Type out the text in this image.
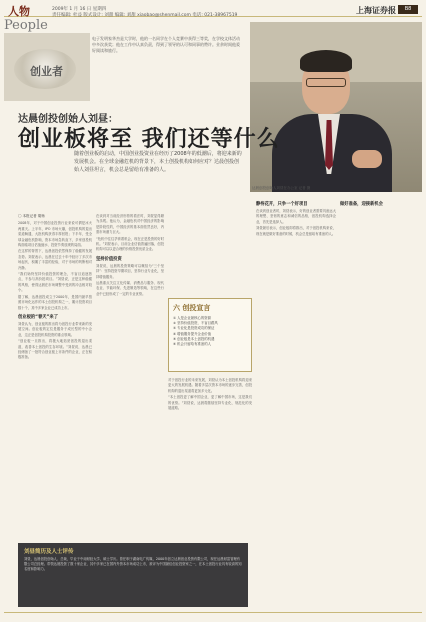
人物	2009年 1 月 16 日 星期四
责任编辑: 杜益 版式设计: 刘甜 编辑: 刘甜 xiaobao@shenmail.com 电话: 021-38967519
上海证券报	B8
People
创业者
电子发明家华杰是大学时，他的一名同学在个人竞赛中获得三等奖，在学校文体活动中多次获奖；他在工作中认真负责，得到了领导的认可和同事的赞许。业余时间他爱好阅读和旅行。
达晨创投创始人刘昼在办公室 记者 摄
达晨创投创始人刘昼：
创业板将至 我们还等什么
随着创业板的启动，中国创业投资业在经历了2008年的低潮后，将迎来新的发展机会。在全球金融危机的背景下，本土创投机构如何应对？达晨创投创始人刘昼坦言，机会总是留给有准备的人。
〇 本报记者 胡杨

2008年，对于中国创业投资行业来说可谓是冰火两重天。上半年，IPO 市场火爆，创投机构的退出渠道畅通，大批机构获得丰厚回报；下半年，受全球金融危机影响，资本市场急转直下，多家创投机构面临项目估值缩水、投资节奏放缓的局面。

在这样的背景下，达晨创投依然保持了稳健的发展态势。刘昼表示，达晨在过去十年中经历了多次市场起伏，积累了丰富的经验，对于市场的判断相对冷静。

“我们始终坚持价值投资的理念，不盲目追逐热点，不参与高价抢项目。”刘昼说，正是这种稳健的风格，使得达晨在市场调整中受到的冲击相对较小。

据了解，达晨创投成立于2000年，是国内最早按照市场化运作的本土创投机构之一，累计投资项目数十个，其中多家企业已成功上市。

创业板的“春天”来了

刘昼认为，创业板的推出将为创投行业带来新的发展空间。创业板的定位是服务于成长型的中小企业，这正是创投机构投资的重点领域。

“创业板一旦推出，将极大地拓宽创投的退出渠道，改善本土创投的生存环境。”刘昼说，达晨已经储备了一批符合创业板上市条件的企业，正在积极准备。

在谈到对当前经济形势的看法时，刘昼显得颇为乐观。他认为，金融危机对中国经济的影响是阶段性的，中国经济的基本面依然良好，内需市场潜力巨大。

“危机中往往孕育着机会，现在正是投资的好时机。”刘昼表示，目前企业估值普遍回落，创投机构可以以更合理的价格投资优质企业。

坚持价值投资

刘昼说，达晨的投资策略可以概括为“三个坚持”：坚持投资早期项目，坚持行业专业化，坚持增值服务。

达晨重点关注文化传媒、消费品与服务、现代农业、节能环保、先进制造等领域，在这些行业中已经形成了一定的专业优势。

六 创投宣言
① 人是企业最核心的资源
② 坚持价值投资，不盲目跟风
③ 专业化是投资成功的保证
④ 增值服务提升企业价值
⑤ 创业板是本土创投的机遇
⑥ 机会只留给有准备的人

对于创投行业的未来发展，刘昼认为本土创投机构将迎来更大的发展机遇。随着多层次资本市场的逐步完善，创投机构的退出渠道将更加多元化。

“本土创投更了解中国企业，更了解中国市场，这是我们的优势。”刘昼说，达晨将继续坚持专业化、规范化的发展道路。

静待花开，只争一个好项目

在谈到创业者时，刘昼表示，好的创业者需要具备远大的理想、坚韧的意志和诚信的品格，创投机构选择企业，首先是选择人。

刘昼最后表示，创业板即将推出，对于创投机构来说，现在就是做好准备的时候，机会总是留给有准备的人。

做好准备，迎接新机会
刘昼简历及人士评传
刘昼，达晨创投创始人、总裁，毕业于中南财经大学，硕士学历。曾任职于湖南电广传媒，2000年创立达晨创业投资有限公司，现任达晨财富管理有限公司总经理。带领达晨投资了数十家企业，其中多家已在国内外资本市场成功上市，被评为中国最佳创业投资家之一，在本土创投行业具有较高的知名度和影响力。
